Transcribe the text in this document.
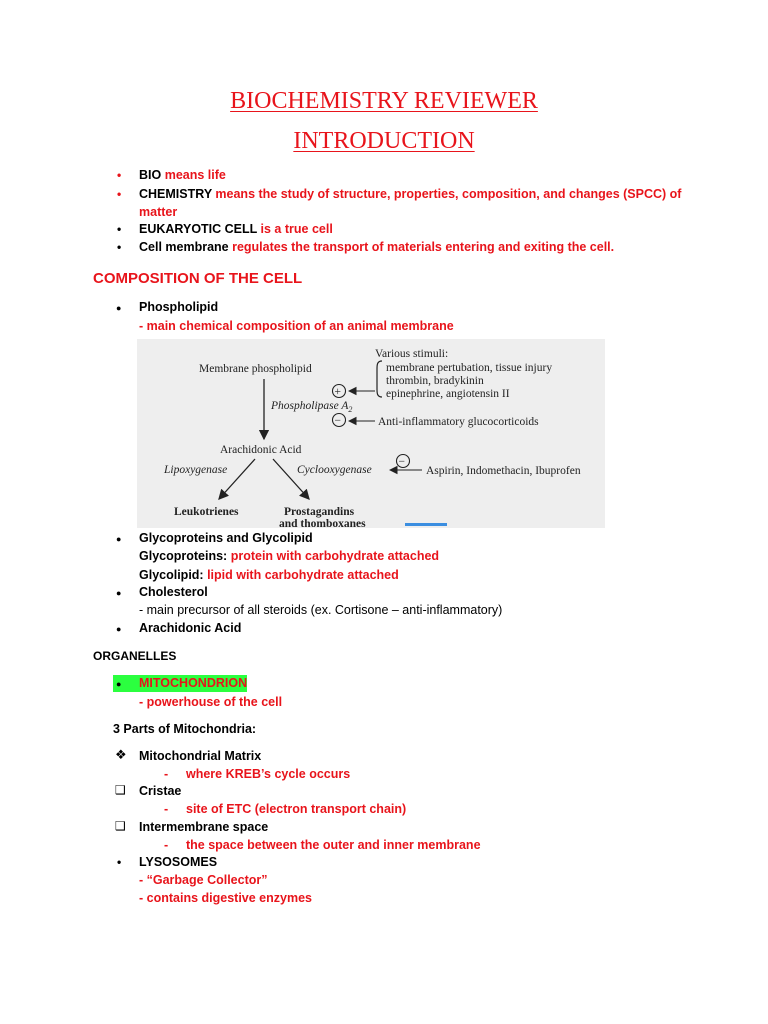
BIOCHEMISTRY REVIEWER
INTRODUCTION
• BIO means life
• CHEMISTRY means the study of structure, properties, composition, and changes (SPCC) of
matter
• EUKARYOTIC CELL is a true cell
• Cell membrane regulates the transport of materials entering and exiting the cell.
COMPOSITION OF THE CELL
● Phospholipid
- main chemical composition of an animal membrane
Membrane phospholipid
Various stimuli:
membrane pertubation, tissue injury
thrombin, bradykinin
epinephrine, angiotensin II
Phospholipase $A_2$
+
−	Anti-inflammatory glucocorticoids
Arachidonic Acid
Lipoxygenase	Cyclooxygenase
−
Aspirin, Indomethacin, Ibuprofen
Leukotrienes	Prostagandins
and thomboxanes
● Glycoproteins and Glycolipid
Glycoproteins: protein with carbohydrate attached
Glycolipid: lipid with carbohydrate attached
● Cholesterol
- main precursor of all steroids (ex. Cortisone – anti-inflammatory)
● Arachidonic Acid
ORGANELLES
● MITOCHONDRION
- powerhouse of the cell
3 Parts of Mitochondria:
❖ Mitochondrial Matrix
- where KREB’s cycle occurs
❑ Cristae
- site of ETC (electron transport chain)
❑ Intermembrane space
- the space between the outer and inner membrane
• LYSOSOMES
- “Garbage Collector”
- contains digestive enzymes
